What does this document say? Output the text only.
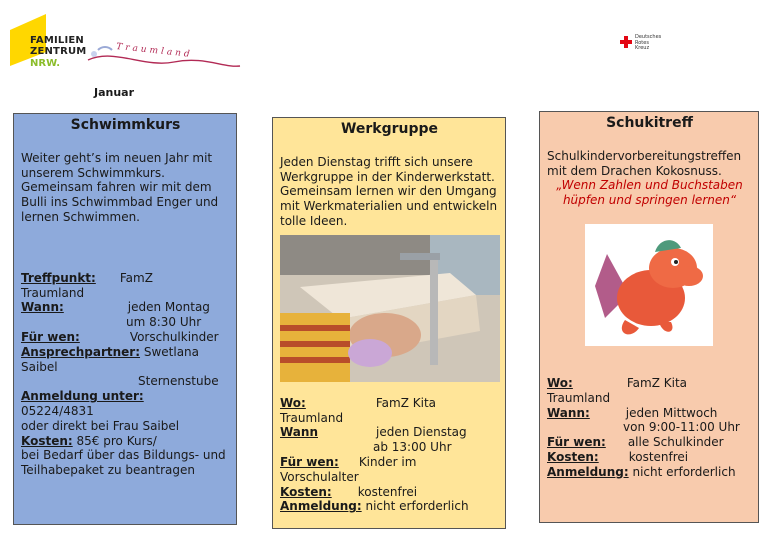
FAMILIEN
ZENTRUM
NRW.
Traumland
Deutsches
Rotes
Kreuz
Januar
Schwimmkurs

Weiter geht’s im neuen Jahr mit unserem Schwimmkurs. Gemeinsam fahren wir mit dem Bulli ins Schwimmbad Enger und lernen Schwimmen.

Treffpunkt: FamZ
Traumland
Wann:	jeden Montag
um 8:30 Uhr
Für wen:	Vorschulkinder
Ansprechpartner: Swetlana
Saibel
Sternenstube
Anmeldung unter:
05224/4831
oder direkt bei Frau Saibel
Kosten: 85€ pro Kurs/
bei Bedarf über das Bildungs- und Teilhabepaket zu beantragen
Werkgruppe

Jeden Dienstag trifft sich unsere Werkgruppe in der Kinderwerkstatt. Gemeinsam lernen wir den Umgang mit Werkmaterialien und entwickeln tolle Ideen.

Wo:	FamZ Kita
Traumland
Wann	jeden Dienstag
ab 13:00 Uhr
Für wen: Kinder im
Vorschulalter
Kosten: kostenfrei
Anmeldung: nicht erforderlich
Schukitreff

Schulkindervorbereitungstreffen mit dem Drachen Kokosnuss.

„Wenn Zahlen und Buchstaben hüpfen und springen lernen“

Wo:	FamZ Kita
Traumland
Wann:	jeden Mittwoch
von 9:00-11:00 Uhr
Für wen: alle Schulkinder
Kosten:	kostenfrei
Anmeldung: nicht erforderlich
